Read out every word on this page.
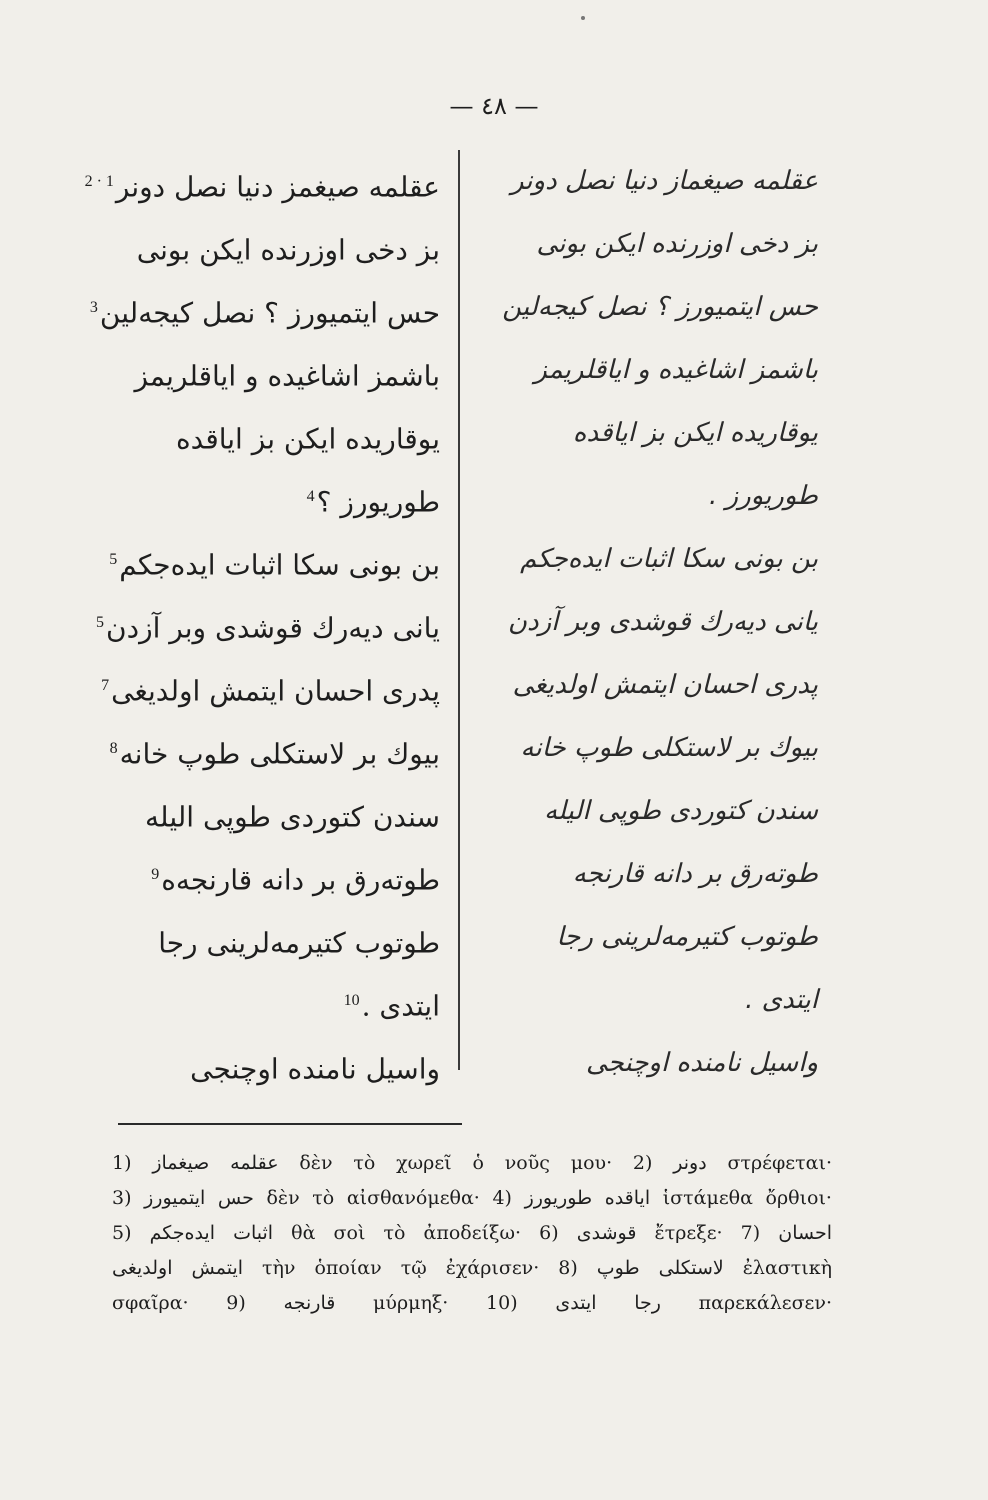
— ٤٨ —
عقلمه صیغماز دنیا نصل دونر
بز دخی اوزرنده ایکن بونی
حس ایتمیورز ؟ نصل کیجه‌لین
باشمز اشاغیده و ایاقلریمز
یوقاریده ایکن بز ایاقده
طوریورز .
بن بونی سکا اثبات ایده‌جکم
یانی دیه‌رك قوشدی وبر آزدن
پدری احسان ایتمش اولدیغی
بیوك بر لاستکلی طوپ خانه‌
سندن کتوردی طوپی الیله
طوته‌رق بر دانه قارنجه
طوتوب کتیرمه‌لرینی رجا
ایتدی .
واسیل نامنده اوچنجی
عقلمه صیغمز دنیا نصل دونر$^{1 \cdot 2}$
بز دخی اوزرنده ایکن بونی
حس ایتمیورز ؟ نصل کیجه‌لین$^3$
باشمز اشاغیده و ایاقلریمز
یوقاریده ایکن بز ایاقده
طوریورز ؟$^4$
بن بونی سکا اثبات ایده‌جکم$^5$
یانی دیه‌رك قوشدی وبر آزدن$^5$
پدری احسان ایتمش اولدیغی$^7$
بیوك بر لاستکلی طوپ خانه‌$^8$
سندن کتوردی طوپی الیله
طوته‌رق بر دانه قارنجه‌ه$^9$
طوتوب کتیرمه‌لرینی رجا
ایتدی .$^{10}$
واسیل نامنده اوچنجی
1) عقلمه صیغماز δὲν τὸ χωρεῖ ὁ νοῦς μου· 2) دونر στρέφεται·
3) حس ایتمیورز δὲν τὸ αἰσθανόμεθα· 4) ایاقده طوریورز ἱστάμεθα ὄρθιοι·
5) اثبات ایده‌جکم θὰ σοὶ τὸ ἀποδείξω· 6) قوشدی ἔτρεξε· 7) احسان
ایتمش اولدیغی τὴν ὁποίαν τῷ ἐχάρισεν· 8) لاستکلی طوپ ἐλαστικὴ
σφαῖρα· 9) قارنجه μύρμηξ· 10) رجا ایتدی παρεκάλεσεν·
